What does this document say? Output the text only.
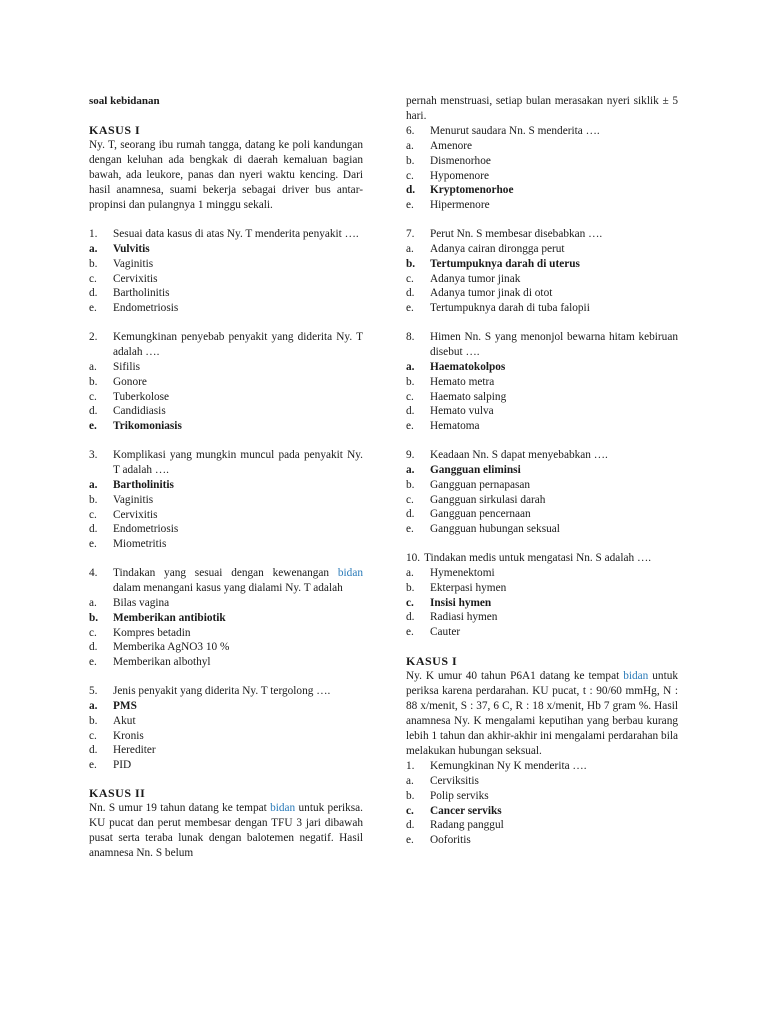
soal kebidanan

KASUS I

Ny. T, seorang ibu rumah tangga, datang ke poli kandungan dengan keluhan ada bengkak di daerah kemaluan bagian bawah, ada leukore, panas dan nyeri waktu kencing. Dari hasil anamnesa, suami bekerja sebagai driver bus antar-propinsi dan pulangnya 1 minggu sekali.

1.	Sesuai data kasus di atas Ny. T menderita penyakit ….
a.	Vulvitis
b.	Vaginitis
c.	Cervixitis
d.	Bartholinitis
e.	Endometriosis
2.	Kemungkinan penyebab penyakit yang diderita Ny. T adalah ….
a.	Sifilis
b.	Gonore
c.	Tuberkolose
d.	Candidiasis
e.	Trikomoniasis
3.	Komplikasi yang mungkin muncul pada penyakit Ny. T adalah ….
a.	Bartholinitis
b.	Vaginitis
c.	Cervixitis
d.	Endometriosis
e.	Miometritis
4.	Tindakan yang sesuai dengan kewenangan bidan dalam menangani kasus yang dialami Ny. T adalah
a.	Bilas vagina
b.	Memberikan antibiotik
c.	Kompres betadin
d.	Memberika AgNO3 10 %
e.	Memberikan albothyl
5.	Jenis penyakit yang diderita Ny. T tergolong ….
a.	PMS
b.	Akut
c.	Kronis
d.	Herediter
e.	PID

KASUS II

Nn. S umur 19 tahun datang ke tempat bidan untuk periksa. KU pucat dan perut membesar dengan TFU 3 jari dibawah pusat serta teraba lunak dengan balotemen negatif. Hasil anamnesa Nn. S belum

pernah menstruasi, setiap bulan merasakan nyeri siklik ± 5 hari.

6.	Menurut saudara Nn. S menderita ….
a.	Amenore
b.	Dismenorhoe
c.	Hypomenore
d.	Kryptomenorhoe
e.	Hipermenore
7.	Perut Nn. S membesar disebabkan ….
a.	Adanya cairan dirongga perut
b.	Tertumpuknya darah di uterus
c.	Adanya tumor jinak
d.	Adanya tumor jinak di otot
e.	Tertumpuknya darah di tuba falopii
8.	Himen Nn. S yang menonjol bewarna hitam kebiruan disebut ….
a.	Haematokolpos
b.	Hemato metra
c.	Haemato salping
d.	Hemato vulva
e.	Hematoma
9.	Keadaan Nn. S dapat menyebabkan ….
a.	Gangguan eliminsi
b.	Gangguan pernapasan
c.	Gangguan sirkulasi darah
d.	Gangguan pencernaan
e.	Gangguan hubungan seksual
10. Tindakan medis untuk mengatasi Nn. S adalah ….
a.	Hymenektomi
b.	Ekterpasi hymen
c.	Insisi hymen
d.	Radiasi hymen
e.	Cauter

KASUS I

Ny. K umur 40 tahun P6A1 datang ke tempat bidan untuk periksa karena perdarahan. KU pucat, t : 90/60 mmHg, N : 88 x/menit, S : 37, 6 C, R : 18 x/menit, Hb 7 gram %. Hasil anamnesa Ny. K mengalami keputihan yang berbau kurang lebih 1 tahun dan akhir-akhir ini mengalami perdarahan bila melakukan hubungan seksual.

1.	Kemungkinan Ny K menderita ….
a.	Cerviksitis
b.	Polip serviks
c.	Cancer serviks
d.	Radang panggul
e.	Ooforitis
